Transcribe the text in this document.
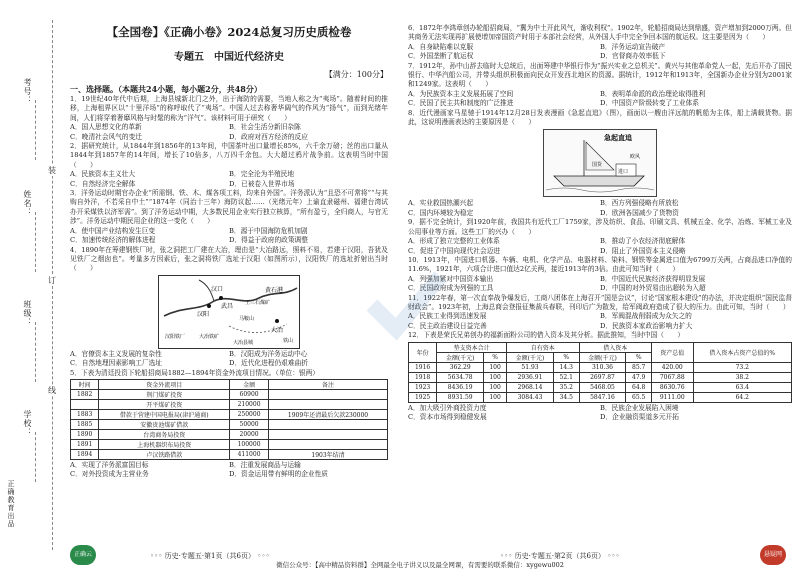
考号：
姓名：
班级：
学校：
正确教育出品
装
订
线
【全国卷】《正确小卷》2024总复习历史质检卷
专题五　中国近代经济史
【满分：100分】
一、选择题。（本题共24小题，每小题2分，共48分）

1．19世纪40年代中后期，上海县城新北门之外，出于海防的需要，当地人称之为“夷场”。随着时间的推移，上海租界区以“十里洋场”的称呼取代了“夷场”。中国人过去称奢华阔气的作风为“扬气”，而到光绪年间，人们将穿着奢靡风格与时髦的称为“洋气”。该材料可用于研究（　　）

A．国人思想文化的革新	B．社会生活分新旧杂陈
C．晚清社会风气的变迁	D．政府对西方经济的反应

2．据研究统计，从1844年到1856年的13年间，中国茶叶出口量增长85%，六千余万磅；丝的出口量从1844年到1857年的14年间，增长了10倍多，八万四千余包。大大超过鸦片战争前。这表明当时中国（　　）

A．民族资本主义壮大	B．完全沦为半殖民地
C．自然经济完全解体	D．已被卷入世界市场

3．洋务运动时期官办企业“所需钢、铁、木、煤各项工料，均来自外国”。洋务派认为“且恐不可常将”“与其购自外洋，不若采自中土”“1874年（同治十三年）海防议起……（光绪元年）上谕直隶磁州、福建台湾试办开采煤铁以济军需”。到了洋务运动中期，大多数民用企业实行独立核算，“所有盈亏，全归商人，与官无涉”。洋务运动中期民用企业的这一变化（　　）

A．使中国产业结构发生巨变	B．源于中国海防危机加剧
C．加速传统经济的解体进程	D．得益于政府的政策调整

4．1890年在筹建钢铁厂时，张之洞把工厂建在大冶，理由是“大冶路远，照料不易，若建于汉阳，吾犹及见铁厂之烟囱也”。考量多方因素后，张之洞将铁厂选址于汉阳（如图所示），汉阳铁厂的选址折射出当时（　　）

汉阳
武昌
大冶
汉口	黄石港
马鞍山
王三石煤矿
铁山
汉阳铁厂	大冶铁矿
大冶县城
A．官僚资本主义发展的复杂性	B．汉阳成为洋务运动中心
C．自然地理因素影响工厂选址	D．近代化进程仍艰难曲折

5．下表为清廷投资下轮船招商局1882—1894年资金外流项目情况。（单位：银两）

时间	资金外流项目	金额	备注
1882	荆门煤矿投资	60900	
	开平煤矿投资	210000	
1883	借款于营建中国电报局(津沪通商)	250000	1909年还清最后欠款230000
1885	安徽贵池煤矿借款	50000	
1890	台湾商务局投资	20000	
1891	上海机器织布局投资	100000	
1894	卢汉铁路借款	411000	1903年结清
A．实现了洋务派富国目标	B．注重发展商品与运输
C．对外投资成为主营业务	D．资金运用带有鲜明的企业性质
正确云	◦◦◦ 历史·专题五·第1页（共6页） ◦◦◦

6．1872年李鸿章创办轮船招商局，“冀为中土开此风气，渐收利权”。1902年，轮船招商局达到鼎盛，资产增加到2000万两。但其商务无法实现再扩展使增加帝国资产时用于本部社会经营，从外国人手中完全争回本国的航运权。这主要是因为（　　）

A．自身缺陷难以克服	B．洋务运动宣告破产
C．外国垄断了航运权	D．官督商办效率低下

7．1912年，孙中山辞去临时大总统后，出面筹建中华银行作为“振兴实业之总机关”。黄兴与其他革命党人一起，先后开办了国民银行、中华汽船公司，并带头组织积极面向民众开发西北地区的资源。据统计，1912年和1913年，全国新办企业分别为2001家和1249家。这表明（　　）

A．为民族资本主义发展拓展了空间	B．表明革命派的政治理论取得胜利
C．民国了民主共和制度的广泛推进	D．中国资产阶级转变了工业体系

8．近代漫画家马星驰于1914年12月28日发表漫画《急起直追》（图），画面以一艘由洋远航的帆船为主体，船上满载货物。据此，这说明漫画表达的主要原因是（　　）

急起直追
欧风
进口
国货
A．实业救国热潮兴起	B．西方列强侵略有所放松
C．国内环境较为稳定	D．欧洲各国减少了货物资

9．据不完全统计，到1920年前，我国共有近代工厂1759家，涉及纺织、食品、印刷文具、机械五金、化学、冶炼、军械工业及公用事业等方面。这些工厂的兴办（　　）

A．形成了独立完整的工业体系	B．推动了小农经济彻底解体
C．促进了中国向现代社会迈进	D．阻止了外国资本主义侵略

10．1913年，中国进口机器、车辆、电机、化学产品、电器材料、染料、钢铁等金属进口值为6799万关两，占商品进口净值的11.6%，1921年，六项合计进口值达2亿关两，接近1913年的3倍。由此可知当时（　　）

A．列强加紧对中国资本输出	B．中国近代民族经济获得明显发展
C．民国政府成为列强的工具	D．中国的对外贸易由出超转为入超

11．1922年春，第一次直奉战争爆发后，工商八团体在上海召开“国是会议”，讨论“国家根本建设”的办法，并决定组织“国民监督财政会”。1923年初，上海总商会登报征集裁兵春联，刊印后广为散发，给军阀政府造成了很大的压力。由此可知，当时（　　）

A．民族工业得到迅速发展	B．军阀混战削弱成为众矢之的
C．民主政治建设日益完善	D．民族资本家政治影响力扩大

12．下表是荣氏兄弟创办的福新面粉公司的借入资本及其分析。据此推知，当时中国（　　）

年份	垫支资本合计		自有资本		借入资本		资产总值	借入资本占资产总值的%
	金额(千元)	%	金额(千元)	%	金额(千元)	%		
1916	362.29	100	51.93	14.3	310.36	85.7	420.00	73.2
1918	5634.78	100	2936.91	52.1	2697.87	47.9	7067.88	38.2
1923	8436.19	100	2968.14	35.2	5468.05	64.8	8630.76	63.4
1925	8931.59	100	3084.43	34.5	5847.16	65.5	9111.00	64.2
A．加大吸引外商投资力度	B．民族企业发展陷入困境
C．资本市场得到稳健发展	D．企业融资渠道多元开拓
◦◦◦ 历史·专题五·第2页（共6页） ◦◦◦	悬疑网
微信公众号：【高中精品资料群】全网最全电子讲义以及最全网课，有需要的联系微信：xygewu002
